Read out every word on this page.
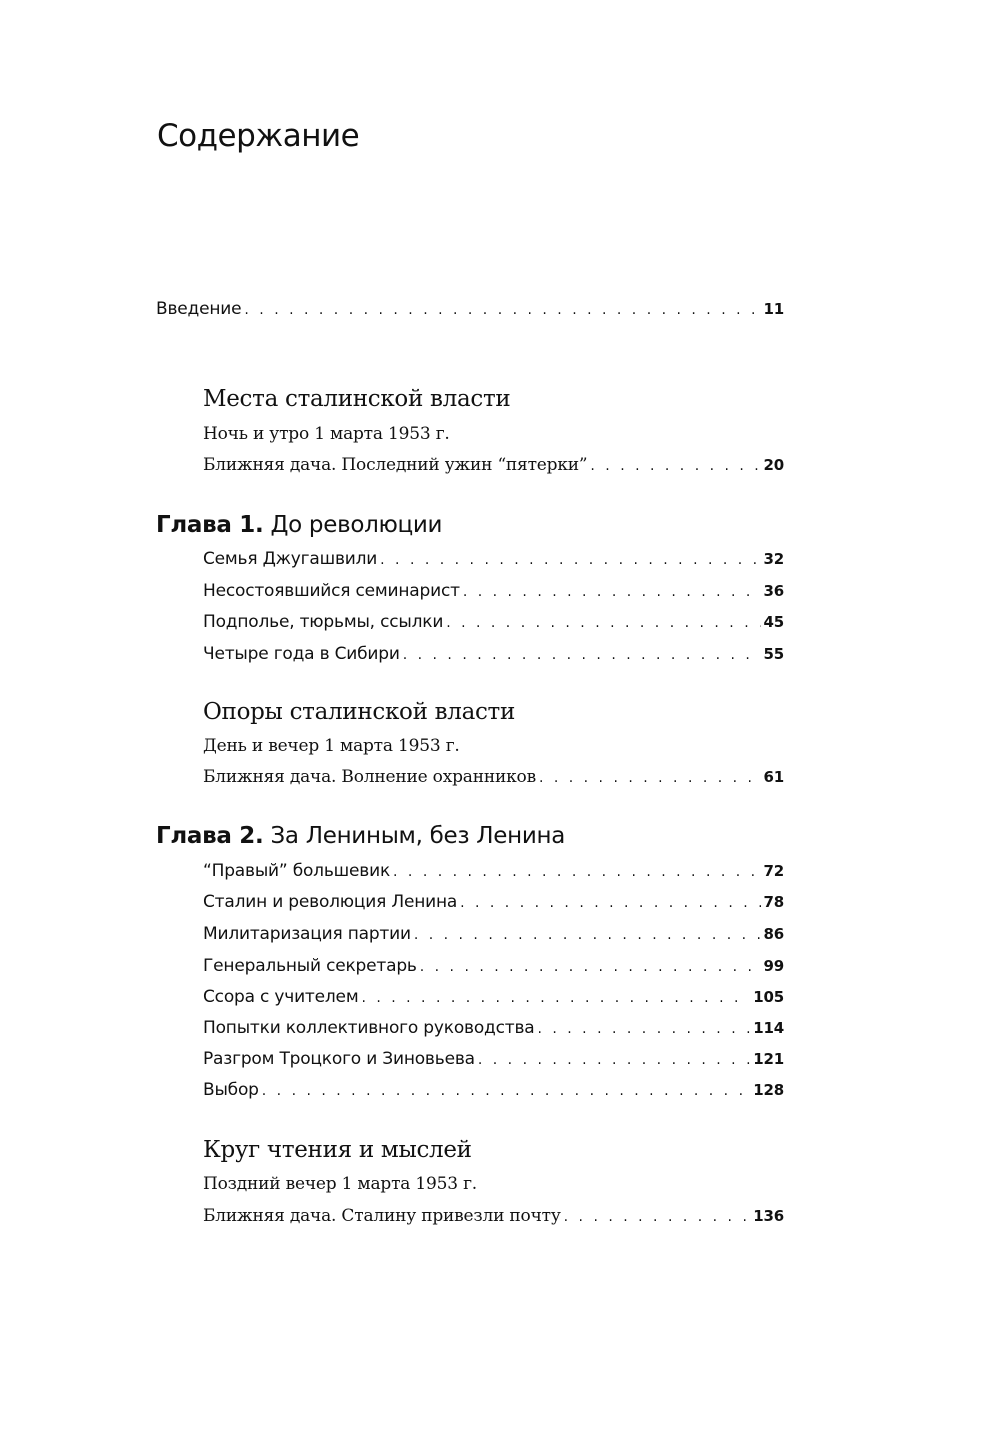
Содержание
Введение . . .	11
Места сталинской власти
Ночь и утро 1 марта 1953 г.
Ближняя дача. Последний ужин “пятерки” . . .	20
Глава 1. До революции
Семья Джугашвили . . .	32
Несостоявшийся семинарист . . .	36
Подполье, тюрьмы, ссылки . . .	45
Четыре года в Сибири . . .	55
Опоры сталинской власти
День и вечер 1 марта 1953 г.
Ближняя дача. Волнение охранников . . .	61
Глава 2. За Лениным, без Ленина
“Правый” большевик . . .	72
Сталин и революция Ленина . . .	78
Милитаризация партии . . .	86
Генеральный секретарь . . .	99
Ссора с учителем . . .	105
Попытки коллективного руководства . . .	114
Разгром Троцкого и Зиновьева . . .	121
Выбор . . .	128
Круг чтения и мыслей
Поздний вечер 1 марта 1953 г.
Ближняя дача. Сталину привезли почту . . .	136
